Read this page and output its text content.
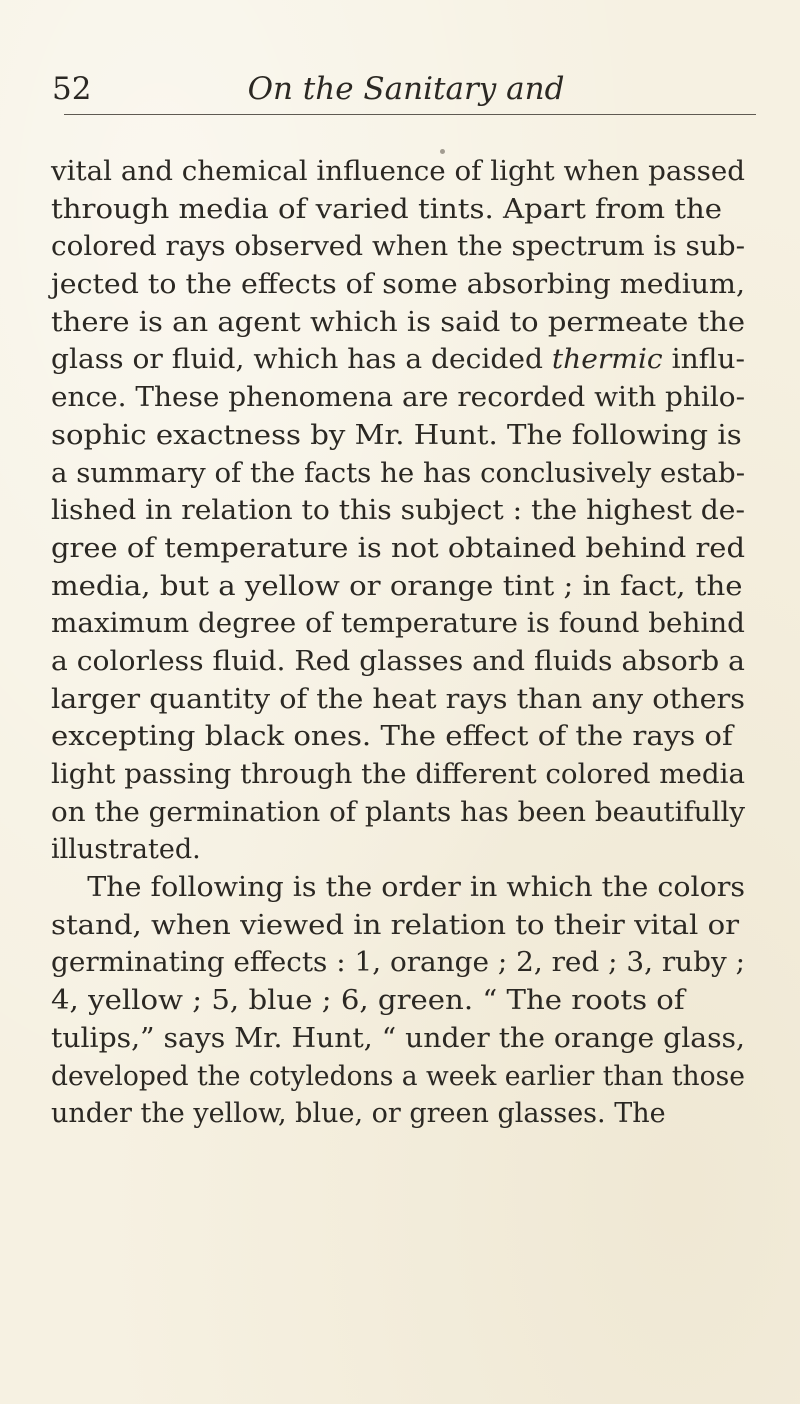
52	On the Sanitary and
vital and chemical influence of light when passed
through media of varied tints. Apart from the
colored rays observed when the spectrum is sub-
jected to the effects of some absorbing medium,
there is an agent which is said to permeate the
glass or fluid, which has a decided thermic influ-
ence. These phenomena are recorded with philo-
sophic exactness by Mr. Hunt. The following is
a summary of the facts he has conclusively estab-
lished in relation to this subject : the highest de-
gree of temperature is not obtained behind red
media, but a yellow or orange tint ; in fact, the
maximum degree of temperature is found behind
a colorless fluid. Red glasses and fluids absorb a
larger quantity of the heat rays than any others
excepting black ones. The effect of the rays of
light passing through the different colored media
on the germination of plants has been beautifully
illustrated.
The following is the order in which the colors
stand, when viewed in relation to their vital or
germinating effects : 1, orange ; 2, red ; 3, ruby ;
4, yellow ; 5, blue ; 6, green. “ The roots of
tulips,” says Mr. Hunt, “ under the orange glass,
developed the cotyledons a week earlier than those
under the yellow, blue, or green glasses. The
